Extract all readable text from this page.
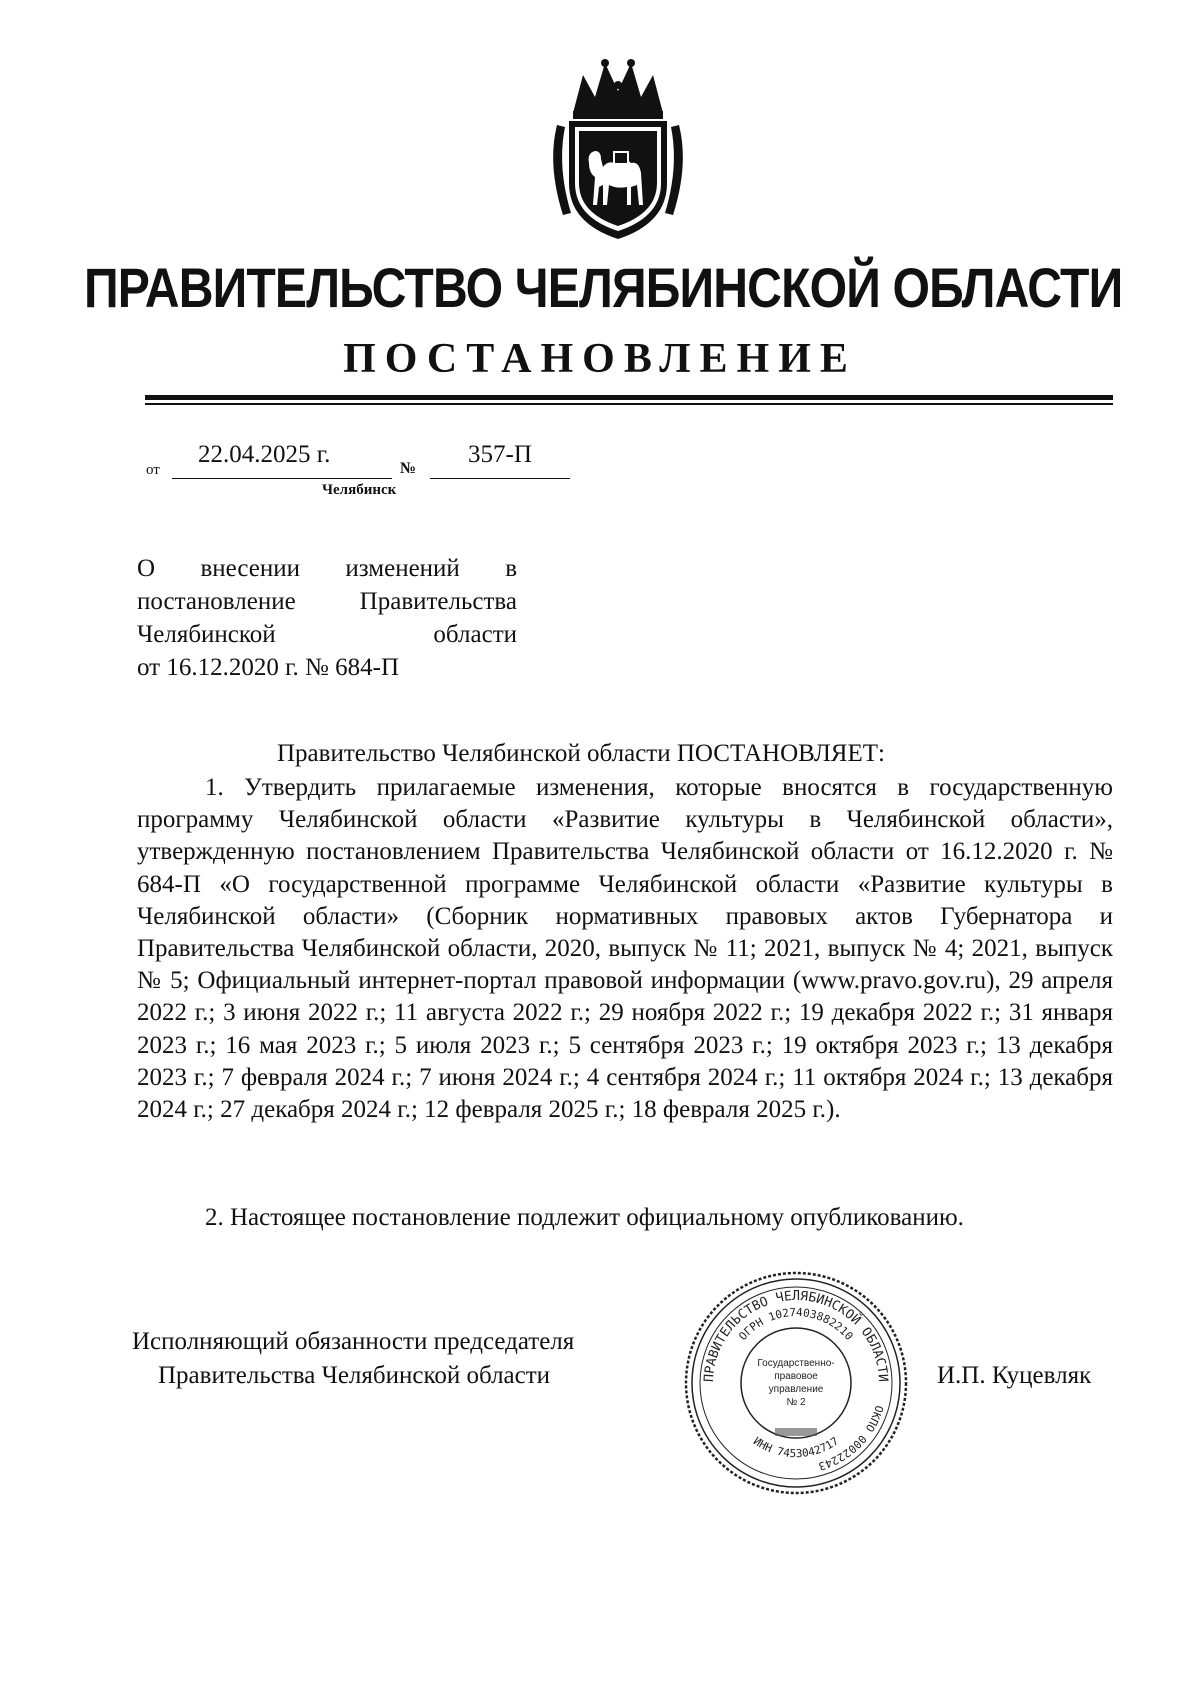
ПРАВИТЕЛЬСТВО ЧЕЛЯБИНСКОЙ ОБЛАСТИ
ПОСТАНОВЛЕНИЕ
от
22.04.2025 г.
№
357-П
Челябинск
О внесении изменений в
постановление Правительства
Челябинской области
от 16.12.2020 г. № 684-П
Правительство Челябинской области ПОСТАНОВЛЯЕТ:
1. Утвердить прилагаемые изменения, которые вносятся в государственную программу Челябинской области «Развитие культуры в Челябинской области», утвержденную постановлением Правительства Челябинской области от 16.12.2020 г. № 684-П «О государственной программе Челябинской области «Развитие культуры в Челябинской области» (Сборник нормативных правовых актов Губернатора и Правительства Челябинской области, 2020, выпуск № 11; 2021, выпуск № 4; 2021, выпуск № 5; Официальный интернет-портал правовой информации (www.pravo.gov.ru), 29 апреля 2022 г.; 3 июня 2022 г.; 11 августа 2022 г.; 29 ноября 2022 г.; 19 декабря 2022 г.; 31 января 2023 г.; 16 мая 2023 г.; 5 июля 2023 г.; 5 сентября 2023 г.; 19 октября 2023 г.; 13 декабря 2023 г.; 7 февраля 2024 г.; 7 июня 2024 г.; 4 сентября 2024 г.; 11 октября 2024 г.; 13 декабря 2024 г.; 27 декабря 2024 г.; 12 февраля 2025 г.; 18 февраля 2025 г.).
2. Настоящее постановление подлежит официальному опубликованию.
Исполняющий обязанности председателя
Правительства Челябинской области	И.П. Куцевляк
ПРАВИТЕЛЬСТВО ЧЕЛЯБИНСКОЙ ОБЛАСТИ
ОГРН 1027403882210
ОКПО 00022243
ИНН 7453042717
Государственно-
правовое
управление
№ 2
